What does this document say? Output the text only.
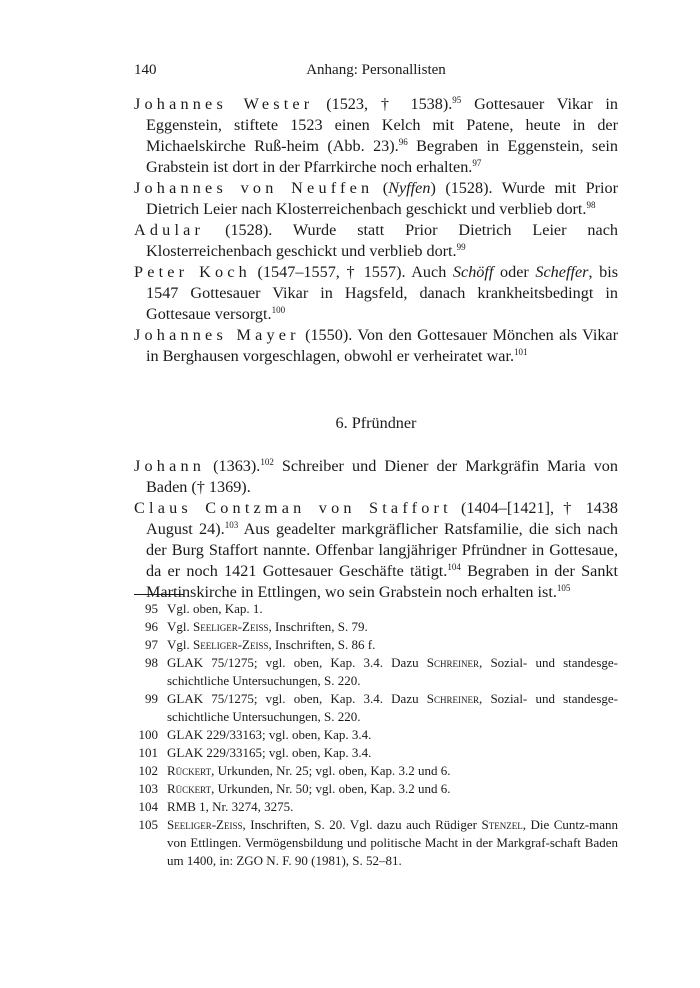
140	Anhang: Personallisten

Johannes Wester (1523, † 1538).$^{95}$ Gottesauer Vikar in Eggenstein, stiftete 1523 einen Kelch mit Patene, heute in der Michaelskirche Ruß-heim (Abb. 23).$^{96}$ Begraben in Eggenstein, sein Grabstein ist dort in der Pfarrkirche noch erhalten.$^{97}$

Johannes von Neuffen (Nyffen) (1528). Wurde mit Prior Dietrich Leier nach Klosterreichenbach geschickt und verblieb dort.$^{98}$

Adular (1528). Wurde statt Prior Dietrich Leier nach Klosterreichenbach geschickt und verblieb dort.$^{99}$

Peter Koch (1547–1557, † 1557). Auch Schöff oder Scheffer, bis 1547 Gottesauer Vikar in Hagsfeld, danach krankheitsbedingt in Gottesaue versorgt.$^{100}$

Johannes Mayer (1550). Von den Gottesauer Mönchen als Vikar in Berghausen vorgeschlagen, obwohl er verheiratet war.$^{101}$

6. Pfründner

Johann (1363).$^{102}$ Schreiber und Diener der Markgräfin Maria von Baden († 1369).

Claus Contzman von Staffort (1404–[1421], † 1438 August 24).$^{103}$ Aus geadelter markgräflicher Ratsfamilie, die sich nach der Burg Staffort nannte. Offenbar langjähriger Pfründner in Gottesaue, da er noch 1421 Gottesauer Geschäfte tätigt.$^{104}$ Begraben in der Sankt Martinskirche in Ettlingen, wo sein Grabstein noch erhalten ist.$^{105}$

95 Vgl. oben, Kap. 1.
96 Vgl. Seeliger-Zeiss, Inschriften, S. 79.
97 Vgl. Seeliger-Zeiss, Inschriften, S. 86 f.
98 GLAK 75/1275; vgl. oben, Kap. 3.4. Dazu Schreiner, Sozial- und standesge-schichtliche Untersuchungen, S. 220.
99 GLAK 75/1275; vgl. oben, Kap. 3.4. Dazu Schreiner, Sozial- und standesge-schichtliche Untersuchungen, S. 220.
100 GLAK 229/33163; vgl. oben, Kap. 3.4.
101 GLAK 229/33165; vgl. oben, Kap. 3.4.
102 Rückert, Urkunden, Nr. 25; vgl. oben, Kap. 3.2 und 6.
103 Rückert, Urkunden, Nr. 50; vgl. oben, Kap. 3.2 und 6.
104 RMB 1, Nr. 3274, 3275.
105 Seeliger-Zeiss, Inschriften, S. 20. Vgl. dazu auch Rüdiger Stenzel, Die Cuntz-mann von Ettlingen. Vermögensbildung und politische Macht in der Markgraf-schaft Baden um 1400, in: ZGO N. F. 90 (1981), S. 52–81.
